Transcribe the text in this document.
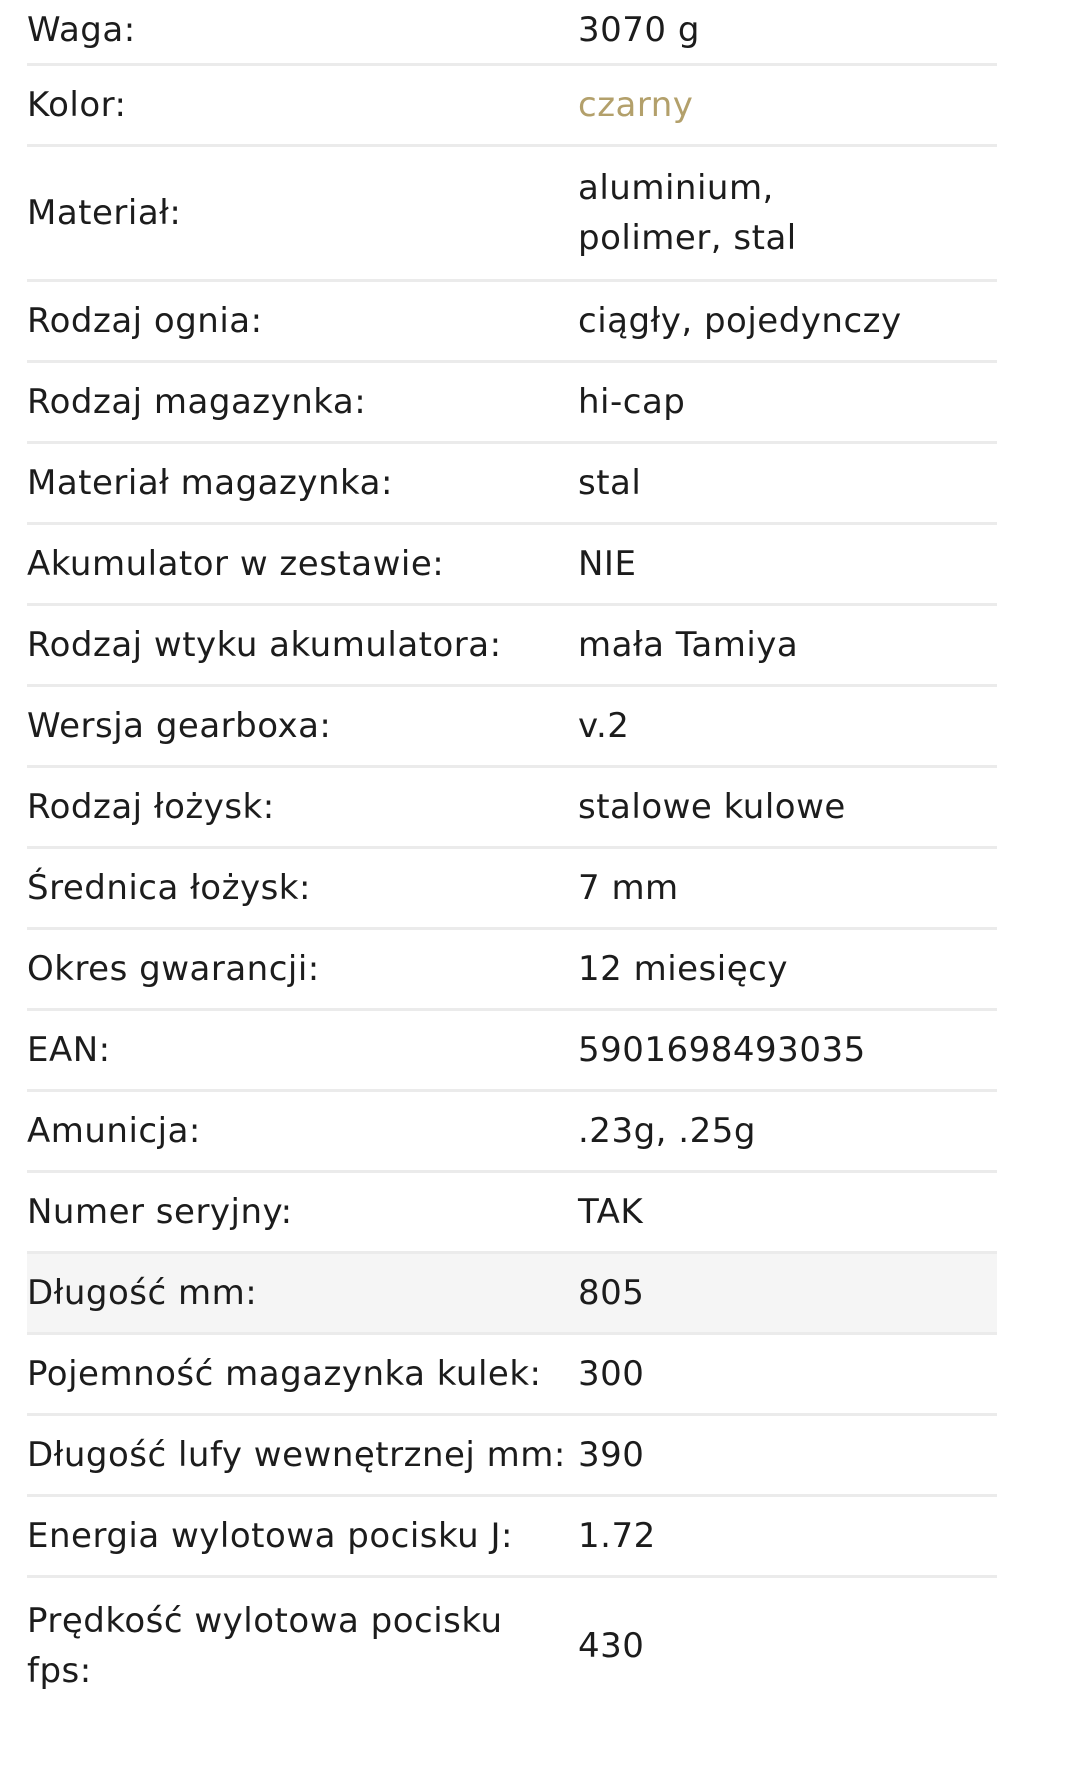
Waga:	3070 g
Kolor:	czarny
Materiał:
aluminium, polimer, stal
Rodzaj ognia:	ciągły, pojedynczy
Rodzaj magazynka:	hi-cap
Materiał magazynka:	stal
Akumulator w zestawie:	NIE
Rodzaj wtyku akumulatora:	mała Tamiya
Wersja gearboxa:	v.2
Rodzaj łożysk:	stalowe kulowe
Średnica łożysk:	7 mm
Okres gwarancji:	12 miesięcy
EAN:	5901698493035
Amunicja:	.23g, .25g
Numer seryjny:	TAK
Długość mm:	805
Pojemność magazynka kulek:	300
Długość lufy wewnętrznej mm: 390
Energia wylotowa pocisku J:	1.72
Prędkość wylotowa pocisku fps:
430
